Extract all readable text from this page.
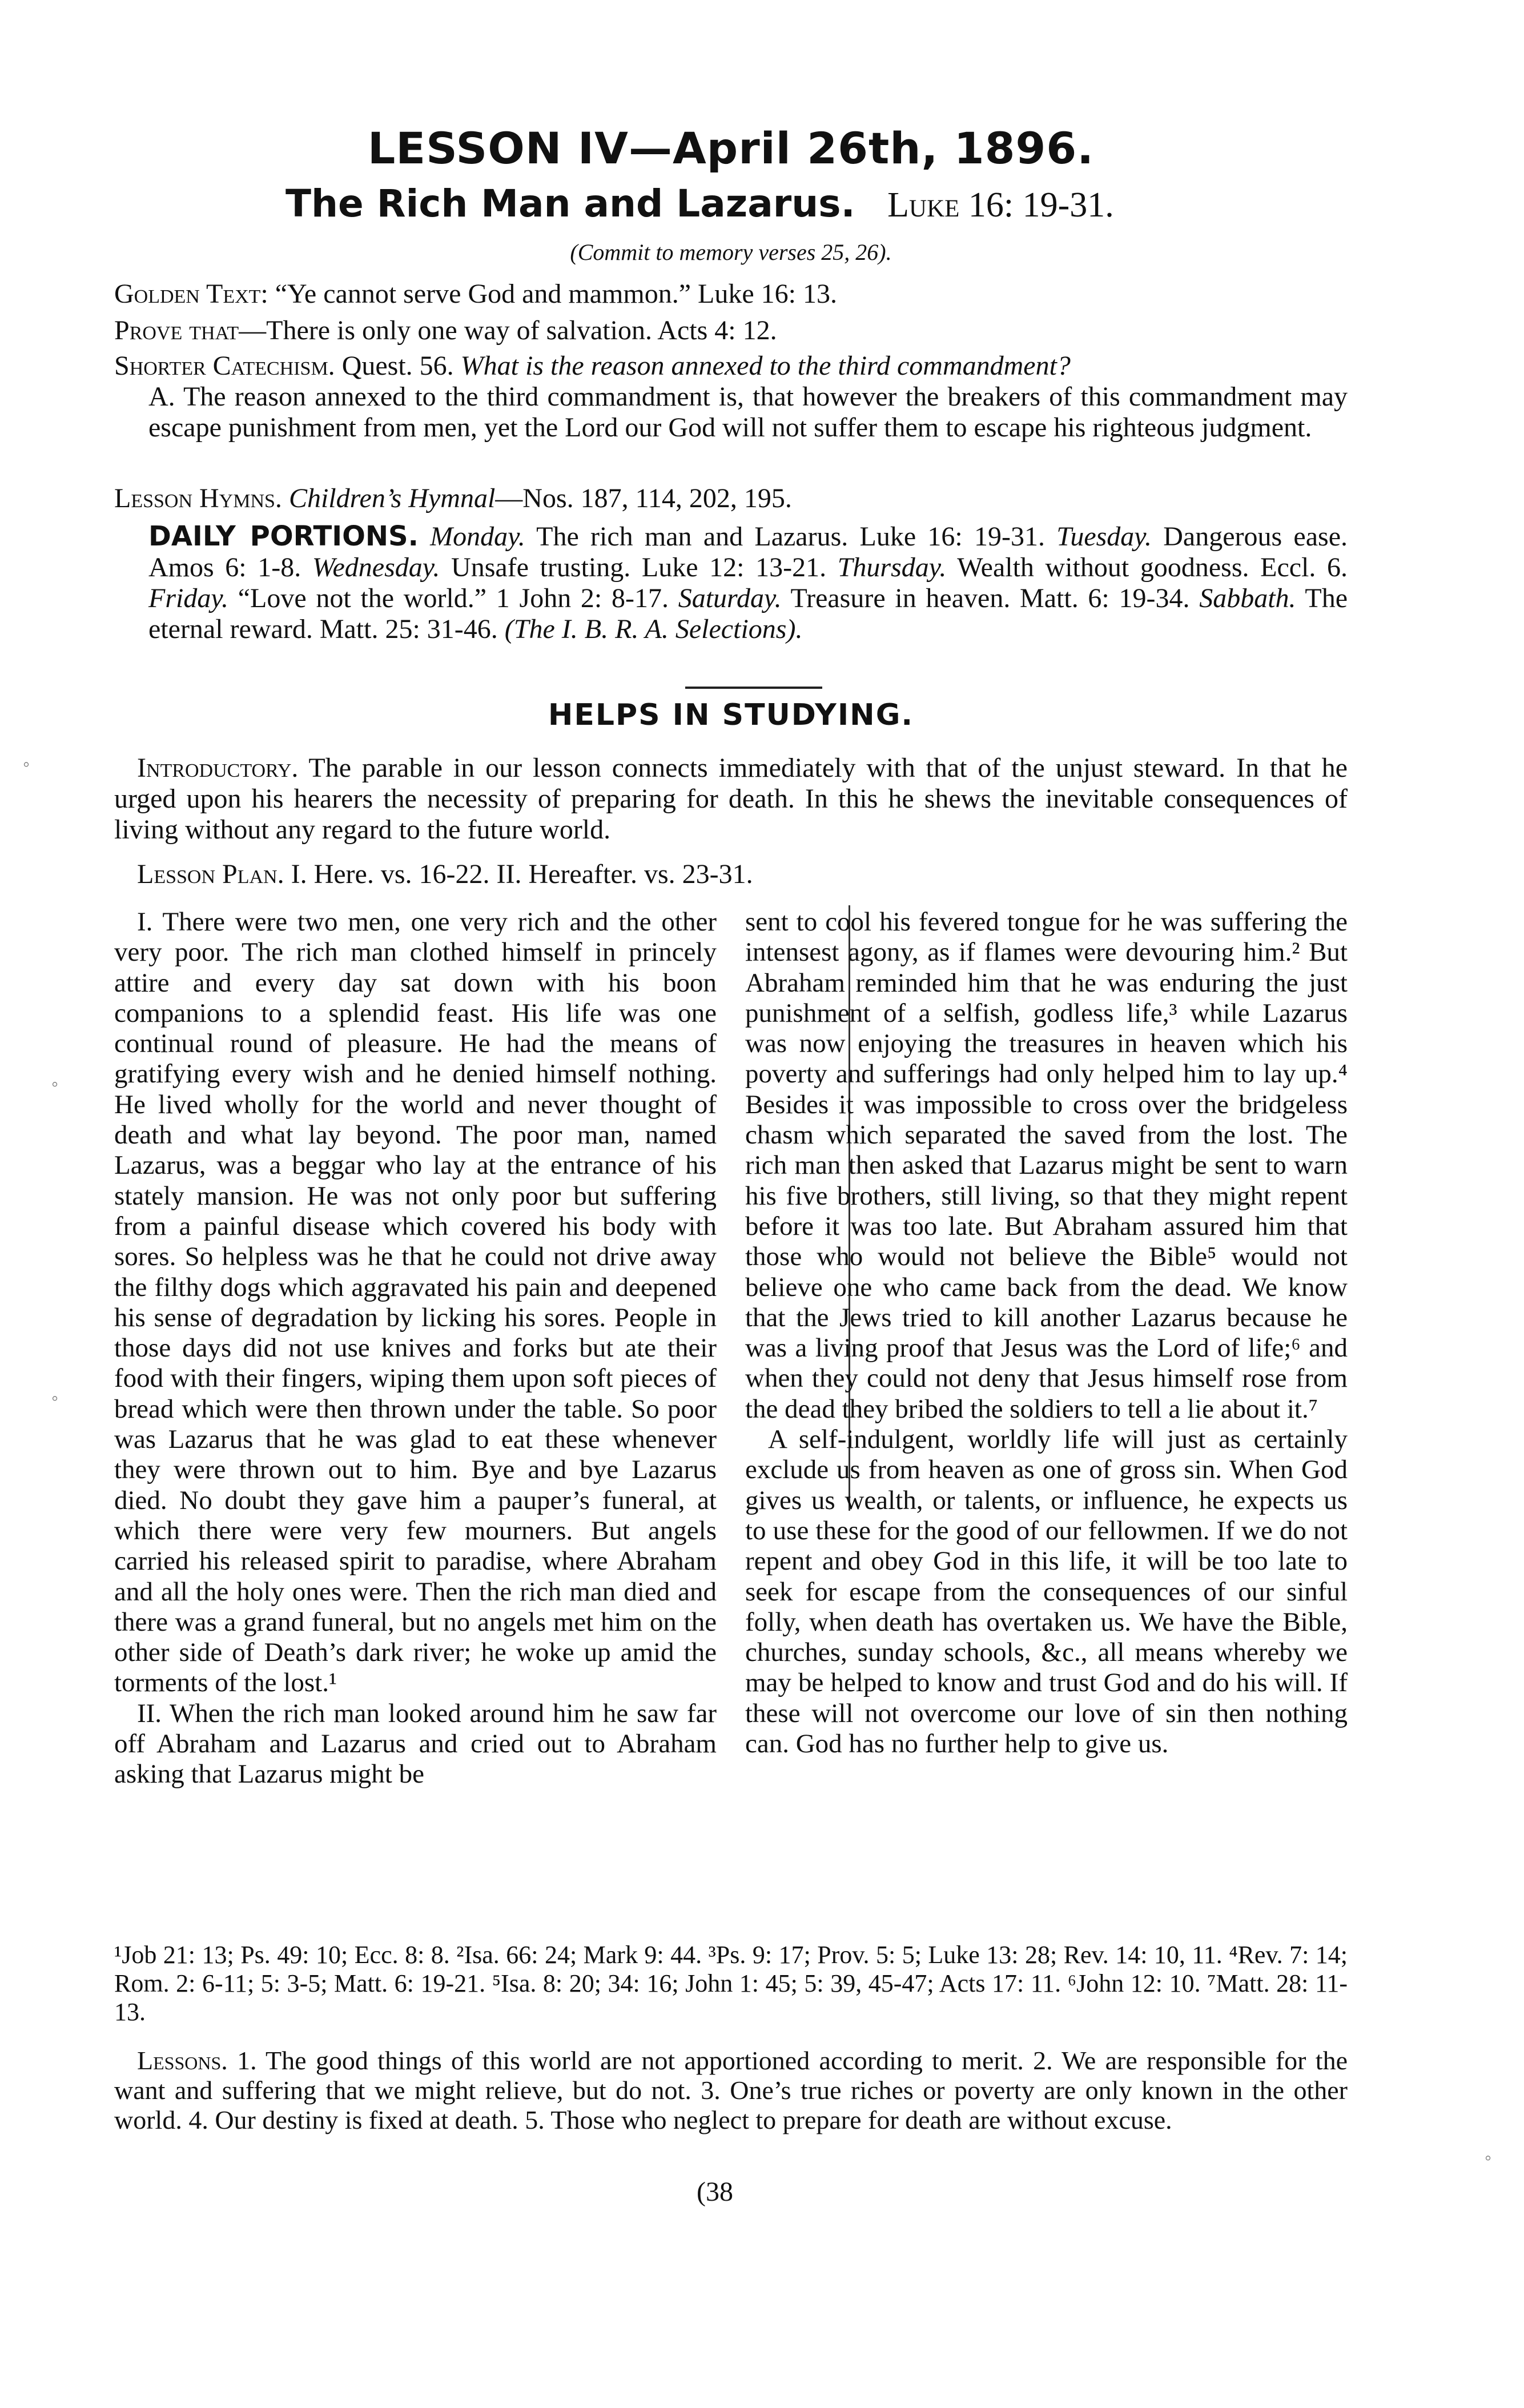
LESSON IV—April 26th, 1896.
The Rich Man and Lazarus. Luke 16: 19-31.
(Commit to memory verses 25, 26).
Golden Text: “Ye cannot serve God and mammon.” Luke 16: 13.
Prove that—There is only one way of salvation. Acts 4: 12.
Shorter Catechism. Quest. 56. What is the reason annexed to the third commandment?
A. The reason annexed to the third commandment is, that however the breakers of this commandment may escape punishment from men, yet the Lord our God will not suffer them to escape his righteous judgment.
Lesson Hymns. Children’s Hymnal—Nos. 187, 114, 202, 195.
DAILY PORTIONS. Monday. The rich man and Lazarus. Luke 16: 19-31. Tuesday. Dangerous ease. Amos 6: 1-8. Wednesday. Unsafe trusting. Luke 12: 13-21. Thursday. Wealth without goodness. Eccl. 6. Friday. “Love not the world.” 1 John 2: 8-17. Saturday. Treasure in heaven. Matt. 6: 19-34. Sabbath. The eternal reward. Matt. 25: 31-46. (The I. B. R. A. Selections).
HELPS IN STUDYING.
Introductory. The parable in our lesson connects immediately with that of the unjust steward. In that he urged upon his hearers the necessity of preparing for death. In this he shews the inevitable consequences of living without any regard to the future world.
Lesson Plan. I. Here. vs. 16-22. II. Hereafter. vs. 23-31.

I. There were two men, one very rich and the other very poor. The rich man clothed himself in princely attire and every day sat down with his boon companions to a splendid feast. His life was one continual round of pleasure. He had the means of gratifying every wish and he denied himself nothing. He lived wholly for the world and never thought of death and what lay beyond. The poor man, named Lazarus, was a beggar who lay at the entrance of his stately mansion. He was not only poor but suffering from a painful disease which covered his body with sores. So helpless was he that he could not drive away the filthy dogs which aggravated his pain and deepened his sense of degradation by licking his sores. People in those days did not use knives and forks but ate their food with their fingers, wiping them upon soft pieces of bread which were then thrown under the table. So poor was Lazarus that he was glad to eat these whenever they were thrown out to him. Bye and bye Lazarus died. No doubt they gave him a pauper’s funeral, at which there were very few mourners. But angels carried his released spirit to paradise, where Abraham and all the holy ones were. Then the rich man died and there was a grand funeral, but no angels met him on the other side of Death’s dark river; he woke up amid the torments of the lost.¹

II. When the rich man looked around him he saw far off Abraham and Lazarus and cried out to Abraham asking that Lazarus might be

sent to cool his fevered tongue for he was suffering the intensest agony, as if flames were devouring him.² But Abraham reminded him that he was enduring the just punishment of a selfish, godless life,³ while Lazarus was now enjoying the treasures in heaven which his poverty and sufferings had only helped him to lay up.⁴ Besides it was impossible to cross over the bridgeless chasm which separated the saved from the lost. The rich man then asked that Lazarus might be sent to warn his five brothers, still living, so that they might repent before it was too late. But Abraham assured him that those who would not believe the Bible⁵ would not believe one who came back from the dead. We know that the Jews tried to kill another Lazarus because he was a living proof that Jesus was the Lord of life;⁶ and when they could not deny that Jesus himself rose from the dead they bribed the soldiers to tell a lie about it.⁷

A self-indulgent, worldly life will just as certainly exclude us from heaven as one of gross sin. When God gives us wealth, or talents, or influence, he expects us to use these for the good of our fellowmen. If we do not repent and obey God in this life, it will be too late to seek for escape from the consequences of our sinful folly, when death has overtaken us. We have the Bible, churches, sunday schools, &c., all means whereby we may be helped to know and trust God and do his will. If these will not overcome our love of sin then nothing can. God has no further help to give us.

¹Job 21: 13; Ps. 49: 10; Ecc. 8: 8. ²Isa. 66: 24; Mark 9: 44. ³Ps. 9: 17; Prov. 5: 5; Luke 13: 28; Rev. 14: 10, 11. ⁴Rev. 7: 14; Rom. 2: 6-11; 5: 3-5; Matt. 6: 19-21. ⁵Isa. 8: 20; 34: 16; John 1: 45; 5: 39, 45-47; Acts 17: 11. ⁶John 12: 10. ⁷Matt. 28: 11-13.
Lessons. 1. The good things of this world are not apportioned according to merit. 2. We are responsible for the want and suffering that we might relieve, but do not. 3. One’s true riches or poverty are only known in the other world. 4. Our destiny is fixed at death. 5. Those who neglect to prepare for death are without excuse.
(38
◦
◦
◦
◦
